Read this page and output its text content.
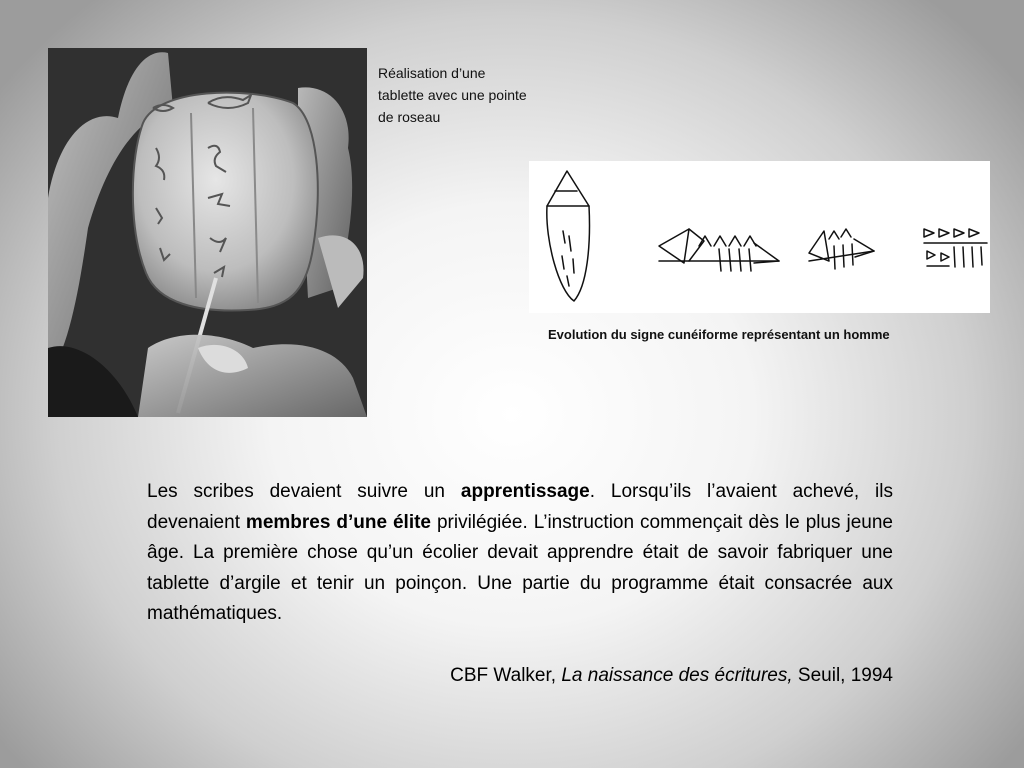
Réalisation d’une tablette avec une pointe de roseau
Evolution du signe cunéiforme représentant un homme
Les scribes devaient suivre un apprentissage. Lorsqu’ils l’avaient achevé, ils devenaient membres d’une élite privilégiée. L’instruction commençait dès le plus jeune âge. La première chose qu’un écolier devait apprendre était de savoir fabriquer une tablette d’argile et tenir un poinçon. Une partie du programme était consacrée aux mathématiques.
CBF Walker, La naissance des écritures, Seuil, 1994
